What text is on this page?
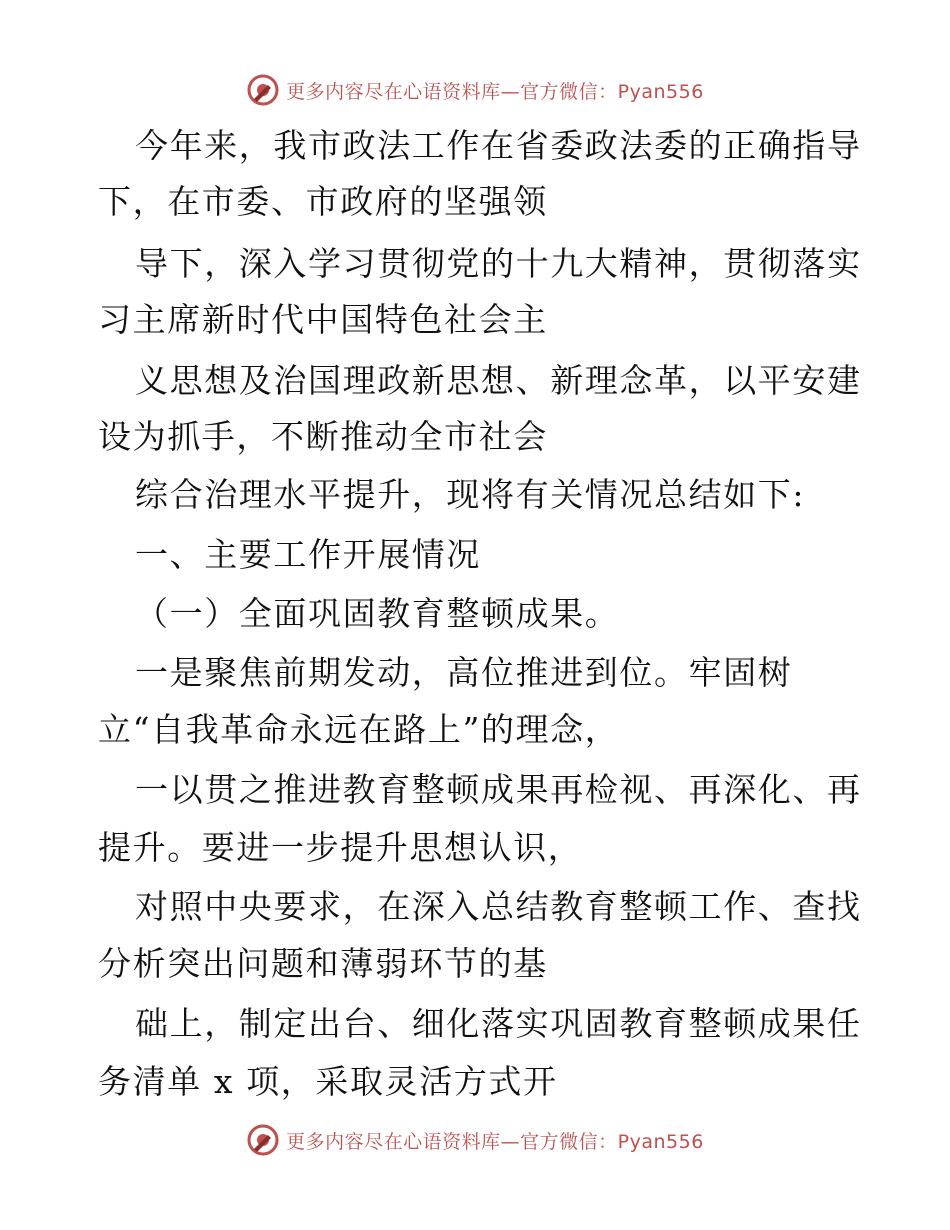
更多内容尽在心语资料库—官方微信：Pyan556
今年来，我市政法工作在省委政法委的正确指导
下，在市委、市政府的坚强领
导下，深入学习贯彻党的十九大精神，贯彻落实
习主席新时代中国特色社会主
义思想及治国理政新思想、新理念革，以平安建
设为抓手，不断推动全市社会
综合治理水平提升，现将有关情况总结如下:
一、主要工作开展情况
（一）全面巩固教育整顿成果。
一是聚焦前期发动，高位推进到位。牢固树
立“自我革命永远在路上”的理念，
一以贯之推进教育整顿成果再检视、再深化、再
提升。要进一步提升思想认识，
对照中央要求，在深入总结教育整顿工作、查找
分析突出问题和薄弱环节的基
础上，制定出台、细化落实巩固教育整顿成果任
务清单 x 项，采取灵活方式开
更多内容尽在心语资料库—官方微信：Pyan556
